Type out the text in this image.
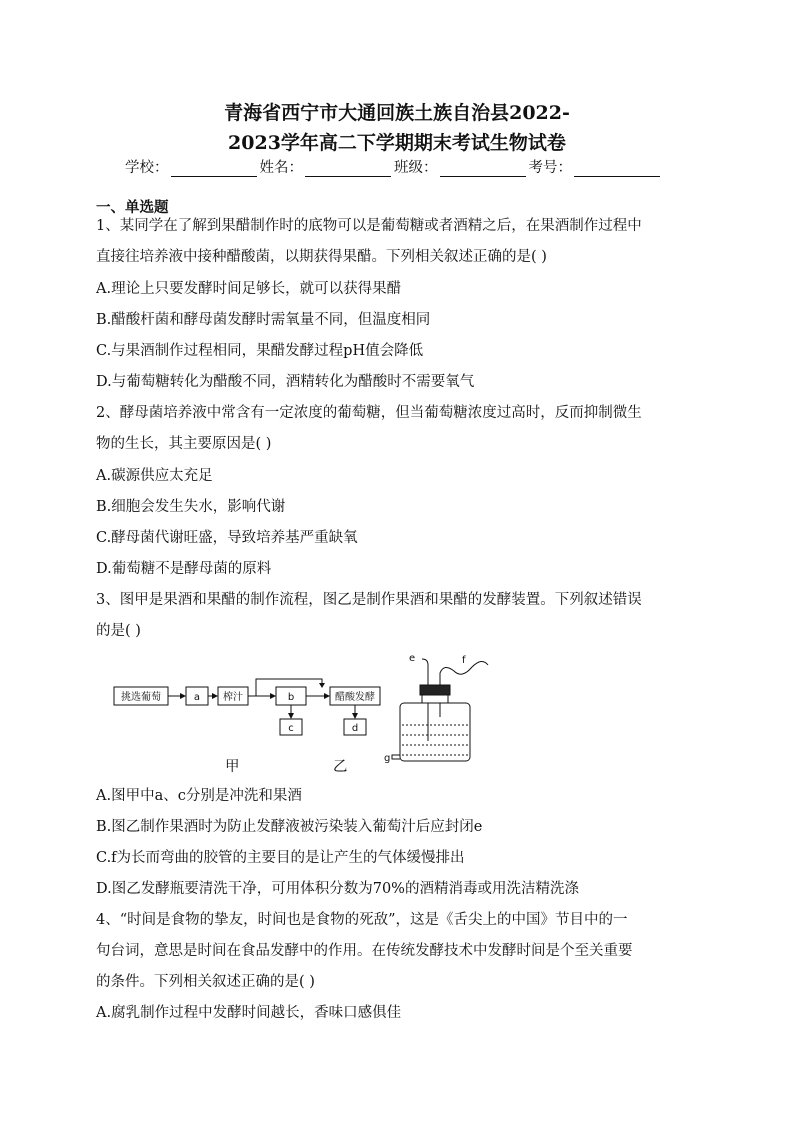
青海省西宁市大通回族土族自治县2022-
2023学年高二下学期期末考试生物试卷
学校：	姓名：	班级：	考号：
一、单选题
1、某同学在了解到果醋制作时的底物可以是葡萄糖或者酒精之后，在果酒制作过程中
直接往培养液中接种醋酸菌，以期获得果醋。下列相关叙述正确的是( )
A.理论上只要发酵时间足够长，就可以获得果醋
B.醋酸杆菌和酵母菌发酵时需氧量不同，但温度相同
C.与果酒制作过程相同，果醋发酵过程pH值会降低
D.与葡萄糖转化为醋酸不同，酒精转化为醋酸时不需要氧气
2、酵母菌培养液中常含有一定浓度的葡萄糖，但当葡萄糖浓度过高时，反而抑制微生
物的生长，其主要原因是( )
A.碳源供应太充足
B.细胞会发生失水，影响代谢
C.酵母菌代谢旺盛，导致培养基严重缺氧
D.葡萄糖不是酵母菌的原料
3、图甲是果酒和果醋的制作流程，图乙是制作果酒和果醋的发酵装置。下列叙述错误
的是( )
挑选葡萄	a 榨汁	b	醋酸发酵
c	d
e	f
g
甲	乙
A.图甲中a、c分别是冲洗和果酒
B.图乙制作果酒时为防止发酵液被污染装入葡萄汁后应封闭e
C.f为长而弯曲的胶管的主要目的是让产生的气体缓慢排出
D.图乙发酵瓶要清洗干净，可用体积分数为70%的酒精消毒或用洗洁精洗涤
4、“时间是食物的挚友，时间也是食物的死敌”，这是《舌尖上的中国》节目中的一
句台词，意思是时间在食品发酵中的作用。在传统发酵技术中发酵时间是个至关重要
的条件。下列相关叙述正确的是( )
A.腐乳制作过程中发酵时间越长，香味口感俱佳
